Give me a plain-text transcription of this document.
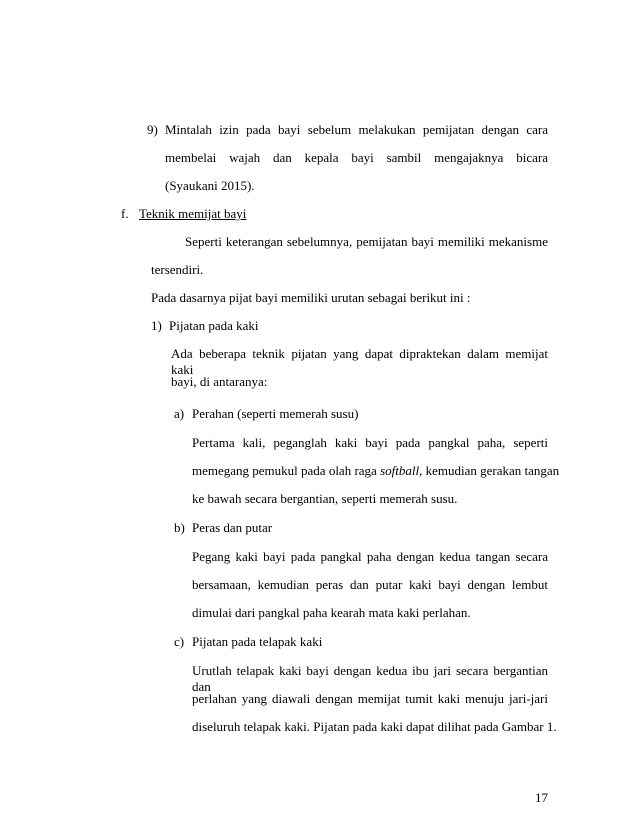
9) Mintalah izin pada bayi sebelum melakukan pemijatan dengan cara
membelai wajah dan kepala bayi sambil mengajaknya bicara
(Syaukani 2015).
f. Teknik memijat bayi
Seperti keterangan sebelumnya, pemijatan bayi memiliki mekanisme
tersendiri.
Pada dasarnya pijat bayi memiliki urutan sebagai berikut ini :
1) Pijatan pada kaki
Ada beberapa teknik pijatan yang dapat dipraktekan dalam memijat kaki
bayi, di antaranya:
a) Perahan (seperti memerah susu)
Pertama kali, peganglah kaki bayi pada pangkal paha, seperti
memegang pemukul pada olah raga softball, kemudian gerakan tangan
ke bawah secara bergantian, seperti memerah susu.
b) Peras dan putar
Pegang kaki bayi pada pangkal paha dengan kedua tangan secara
bersamaan, kemudian peras dan putar kaki bayi dengan lembut
dimulai dari pangkal paha kearah mata kaki perlahan.
c) Pijatan pada telapak kaki
Urutlah telapak kaki bayi dengan kedua ibu jari secara bergantian dan
perlahan yang diawali dengan memijat tumit kaki menuju jari-jari
diseluruh telapak kaki. Pijatan pada kaki dapat dilihat pada Gambar 1.
17
